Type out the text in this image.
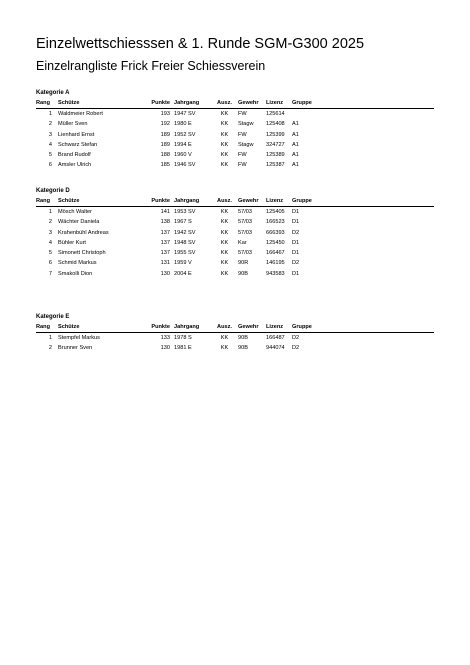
Einzelwettschiesssen & 1. Runde SGM-G300 2025
Einzelrangliste Frick Freier Schiessverein
Kategorie A
Rang	Schütze	Punkte Jahrgang	Ausz.	Gewehr Lizenz Gruppe
1 Waldmeier Robert	193 1947 SV	KK	FW	125614
2 Müller Sven	192 1980 E	KK	Stagw 125408 A1
3 Lienhard Ernst	189 1952 SV	KK	FW	125399 A1
4 Schwarz Stefan	189 1994 E	KK	Stagw 324727 A1
5 Brand Rudolf	188 1960 V	KK	FW	125389 A1
6 Amsler Ulrich	185 1946 SV	KK	FW	125387 A1
Kategorie D
Rang	Schütze	Punkte Jahrgang	Ausz.	Gewehr Lizenz Gruppe
1 Mösch Walter	141 1953 SV	KK	57/03	125405 D1
2 Wächter Daniela	138 1967 S	KK	57/03	166523 D1
3 Krahenbühl Andreas	137 1942 SV	KK	57/03	666393 D2
4 Bühler Kurt	137 1948 SV	KK	Kar	125450 D1
5 Simonett Christoph	137 1955 SV	KK	57/03	166467 D1
6 Schmid Markus	131 1959 V	KK	90R	146195 D2
7 Smakolli Dion	130 2004 E	KK	90B	943583 D1
Kategorie E
Rang	Schütze	Punkte Jahrgang	Ausz.	Gewehr Lizenz Gruppe
1 Stempfel Markus	133 1978 S	KK	90B	166487 D2
2 Brunner Sven	130 1981 E	KK	90B	944074 D2
